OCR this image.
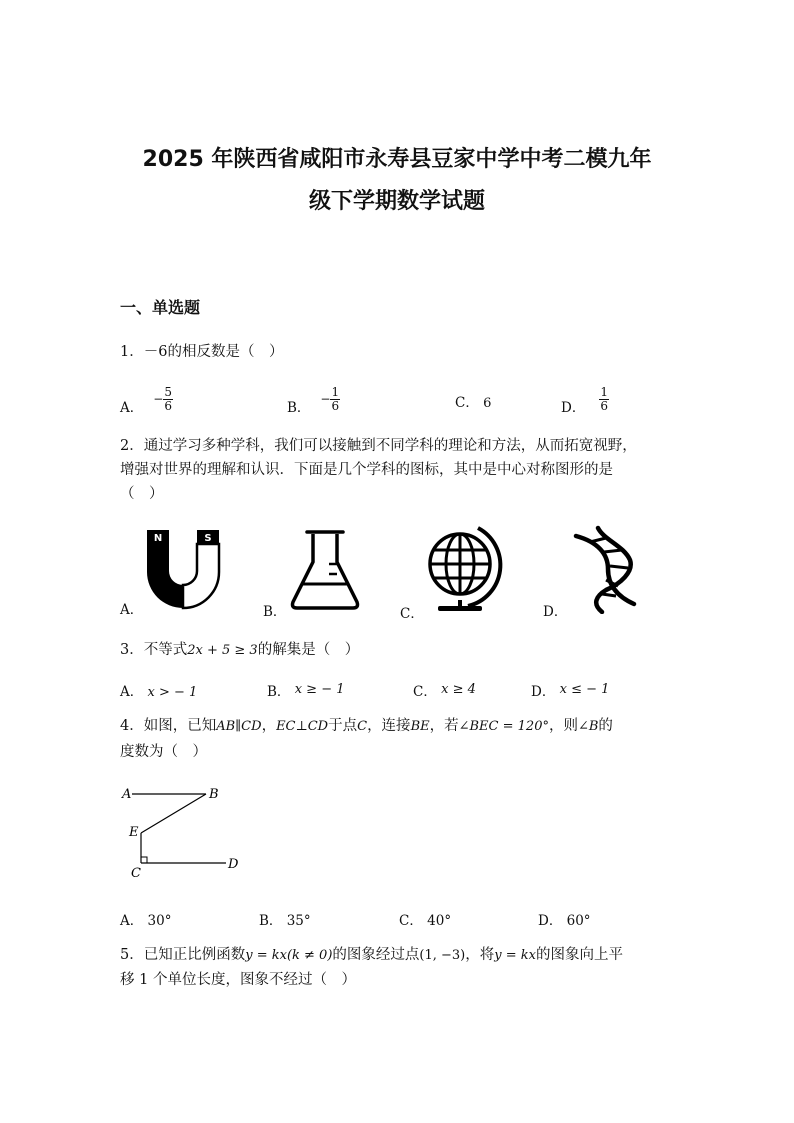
2025 年陕西省咸阳市永寿县豆家中学中考二模九年
级下学期数学试题
一、单选题
1．－6的相反数是（　）
A．
− $\frac{5}{6}$	B．
− $\frac{1}{6}$	C． 6	D． $\frac{1}{6}$
2．通过学习多种学科，我们可以接触到不同学科的理论和方法，从而拓宽视野，
增强对世界的理解和认识．下面是几个学科的图标，其中是中心对称图形的是
（　）
A．
N	S
B．	C．	D．
3．不等式2x + 5 ≥ 3的解集是（　）
A． x > − 1	B． x ≥ − 1	C． x ≥ 4	D． x ≤ − 1
4．如图，已知AB∥CD，EC⊥CD于点C，连接BE，若∠BEC = 120°，则∠B的
度数为（　）
A	B
E
C
D
A． 30°	B． 35°	C． 40°	D． 60°
5．已知正比例函数y = kx(k ≠ 0)的图象经过点(1, −3)，将y = kx的图象向上平
移 1 个单位长度，图象不经过（　）
